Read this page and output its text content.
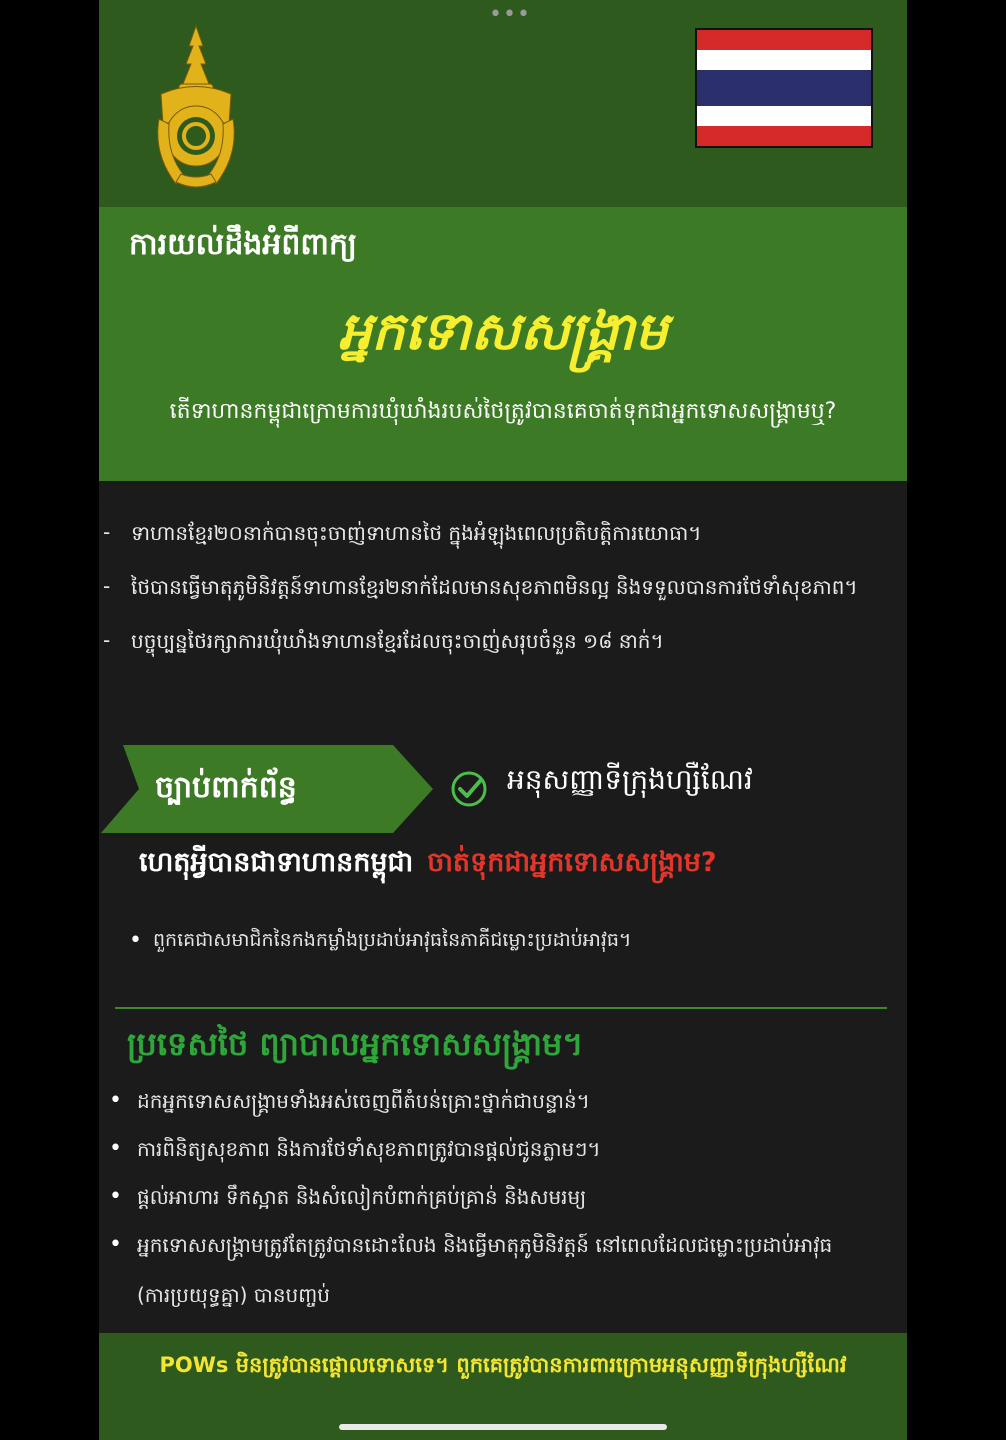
•••
ការយល់ដឹងអំពីពាក្យ
អ្នកទោសសង្គ្រាម
តើទាហានកម្ពុជាក្រោមការឃុំឃាំងរបស់ថៃត្រូវបានគេចាត់ទុកជាអ្នកទោសសង្គ្រាមឬ?
- ទាហានខ្មែរ២០នាក់បានចុះចាញ់ទាហានថៃ ក្នុងអំឡុងពេលប្រតិបត្តិការយោធា។
- ថៃបានធ្វើមាតុភូមិនិវត្តន៍ទាហានខ្មែរ២នាក់ដែលមានសុខភាពមិនល្អ និងទទួលបានការថែទាំសុខភាព។
- បច្ចុប្បន្នថៃរក្សាការឃុំឃាំងទាហានខ្មែរដែលចុះចាញ់សរុបចំនួន ១៨ នាក់។
ច្បាប់ពាក់ព័ន្ធ	អនុសញ្ញាទីក្រុងហ្សឺណែវ
ហេតុអ្វីបានជាទាហានកម្ពុជា ចាត់ទុកជាអ្នកទោសសង្គ្រាម?
• ពួកគេជាសមាជិកនៃកងកម្លាំងប្រដាប់អាវុធនៃភាគីជម្លោះប្រដាប់អាវុធ។
ប្រទេសថៃ ព្យាបាលអ្នកទោសសង្គ្រាម។
• ដកអ្នកទោសសង្គ្រាមទាំងអស់ចេញពីតំបន់គ្រោះថ្នាក់ជាបន្ទាន់។
• ការពិនិត្យសុខភាព និងការថែទាំសុខភាពត្រូវបានផ្តល់ជូនភ្លាមៗ។
• ផ្តល់អាហារ ទឹកស្អាត និងសំលៀកបំពាក់គ្រប់គ្រាន់ និងសមរម្យ
• អ្នកទោសសង្គ្រាមត្រូវតែត្រូវបានដោះលែង និងធ្វើមាតុភូមិនិវត្តន៍ នៅពេលដែលជម្លោះប្រដាប់អាវុធ
(ការប្រយុទ្ធគ្នា) បានបញ្ចប់
POWs មិនត្រូវបានផ្តោលទោសទេ។ ពួកគេត្រូវបានការពារក្រោមអនុសញ្ញាទីក្រុងហ្សឺណែវ
